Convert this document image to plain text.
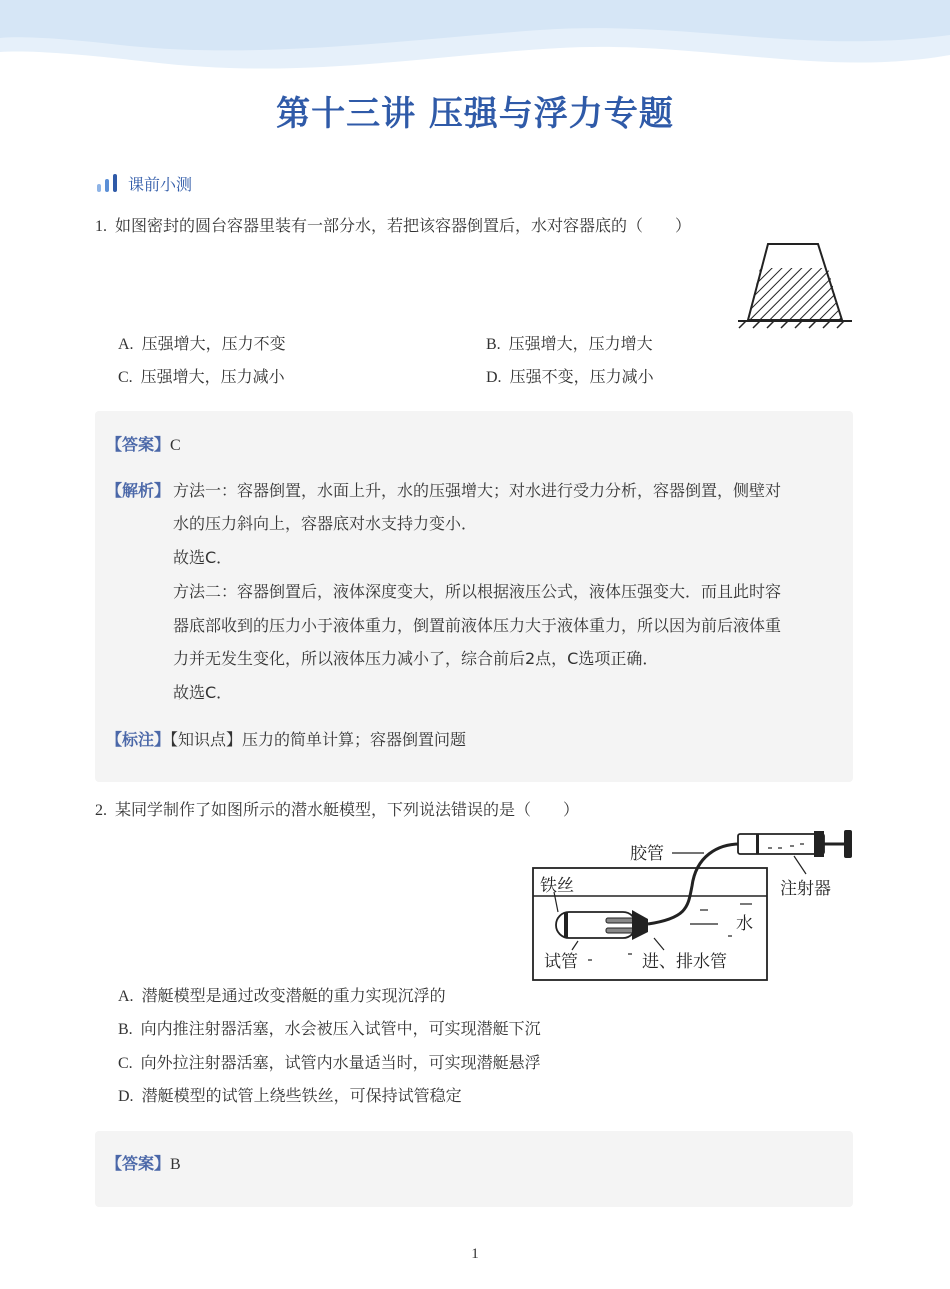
第十三讲 压强与浮力专题
课前小测
1. 如图密封的圆台容器里装有一部分水，若把该容器倒置后，水对容器底的（　　）
A. 压强增大，压力不变	B. 压强增大，压力增大
C. 压强增大，压力减小	D. 压强不变，压力减小
【答案】C
【解析】 方法一：容器倒置，水面上升，水的压强增大；对水进行受力分析，容器倒置，侧壁对
水的压力斜向上，容器底对水支持力变小．
故选C．
方法二：容器倒置后，液体深度变大，所以根据液压公式，液体压强变大．而且此时容
器底部收到的压力小于液体重力，倒置前液体压力大于液体重力，所以因为前后液体重
力并无发生变化，所以液体压力减小了，综合前后2点，C选项正确．
故选C．
【标注】【知识点】压力的简单计算；容器倒置问题
2. 某同学制作了如图所示的潜水艇模型，下列说法错误的是（　　）
胶管
注射器
铁丝
水
试管	进、排水管
A. 潜艇模型是通过改变潜艇的重力实现沉浮的
B. 向内推注射器活塞，水会被压入试管中，可实现潜艇下沉
C. 向外拉注射器活塞，试管内水量适当时，可实现潜艇悬浮
D. 潜艇模型的试管上绕些铁丝，可保持试管稳定
【答案】B
1
